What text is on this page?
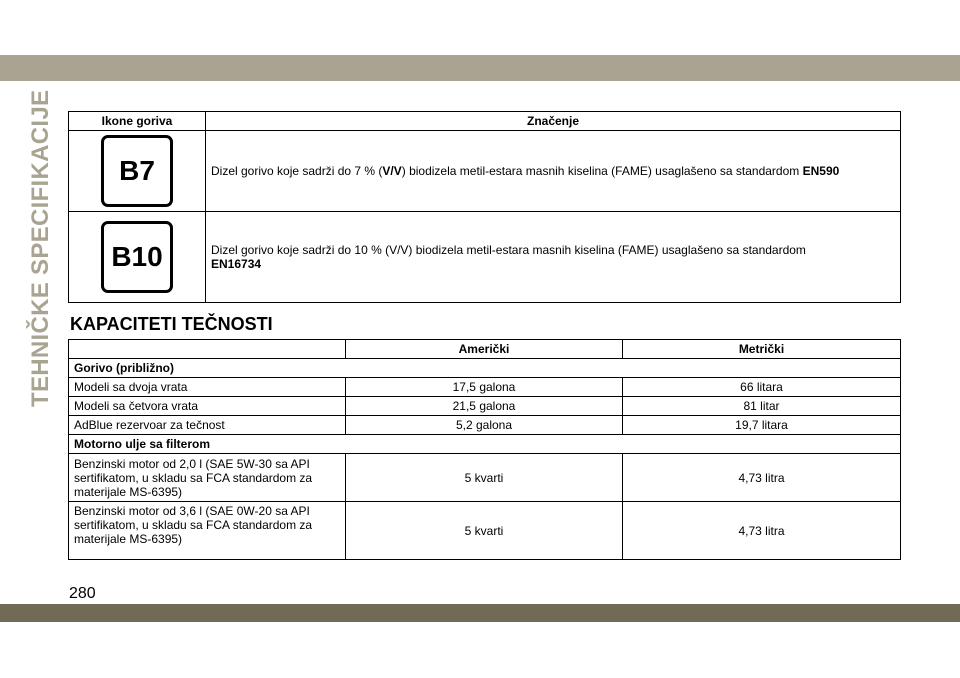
TEHNIČKE SPECIFIKACIJE	Ikone goriva	Značenje
B7	Dizel gorivo koje sadrži do 7 % (V/V) biodizela metil-estara masnih kiselina (FAME) usaglašeno sa standardom EN590
B10	Dizel gorivo koje sadrži do 10 % (V/V) biodizela metil-estara masnih kiselina (FAME) usaglašeno sa standardom
EN16734
KAPACITETI TEČNOSTI
	Američki	Metrički
Gorivo (približno)		
Modeli sa dvoja vrata	17,5 galona	66 litara
Modeli sa četvora vrata	21,5 galona	81 litar
AdBlue rezervoar za tečnost	5,2 galona	19,7 litara
Motorno ulje sa filterom		
Benzinski motor od 2,0 l (SAE 5W-30 sa API sertifikatom, u skladu sa FCA standardom za materijale MS-6395)	5 kvarti	4,73 litra
Benzinski motor od 3,6 l (SAE 0W-20 sa API sertifikatom, u skladu sa FCA standardom za materijale MS-6395)	5 kvarti	4,73 litra
280
